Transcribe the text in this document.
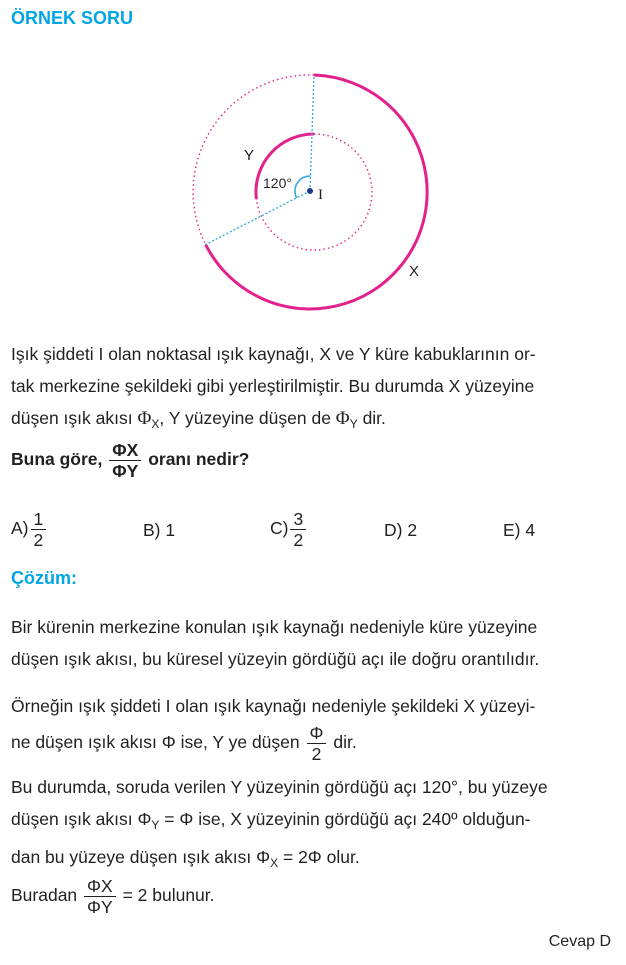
ÖRNEK SORU
Y
X
120°
I
Işık şiddeti I olan noktasal ışık kaynağı, X ve Y küre kabuklarının or-
tak merkezine şekildeki gibi yerleştirilmiştir. Bu durumda X yüzeyine
düşen ışık akısı $\Phi_X$, Y yüzeyine düşen de $\Phi_Y$ dir.
Buna göre, $\frac{\Phi X}{\Phi Y}$ oranı nedir?
$A) \frac{1}{2}$	B) 1	$C) \frac{3}{2}$	D) 2	E) 4
Çözüm:
Bir kürenin merkezine konulan ışık kaynağı nedeniyle küre yüzeyine
düşen ışık akısı, bu küresel yüzeyin gördüğü açı ile doğru orantılıdır.
Örneğin ışık şiddeti I olan ışık kaynağı nedeniyle şekildeki X yüzeyi-
ne düşen ışık akısı Φ ise, Y ye düşen $\frac{\Phi}{2}$ dir.
Bu durumda, soruda verilen Y yüzeyinin gördüğü açı 120°, bu yüzeye
düşen ışık akısı $\Phi_Y = \Phi$ ise, X yüzeyinin gördüğü açı 240º olduğun-
dan bu yüzeye düşen ışık akısı $\Phi_X = 2\Phi$ olur.
Buradan $\frac{\Phi X}{\Phi Y} = 2$ bulunur.
Cevap D
